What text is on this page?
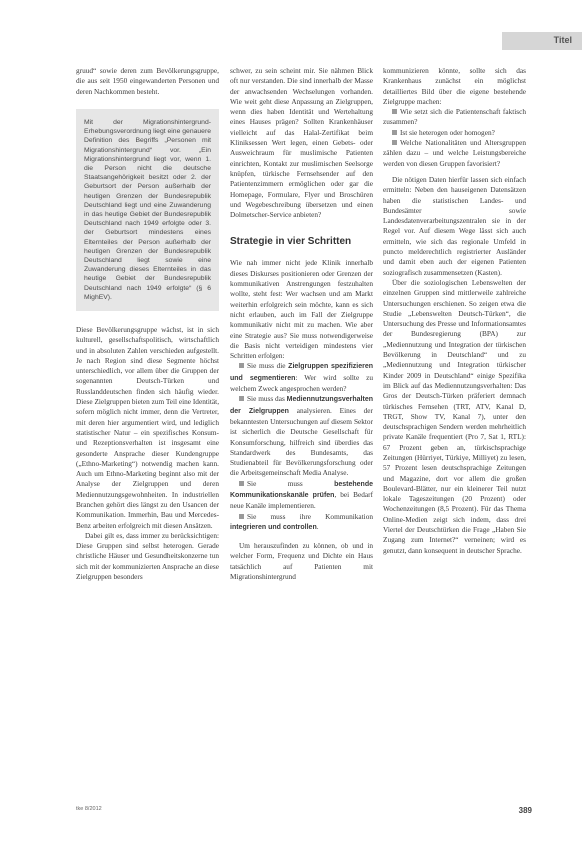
Titel

gruud“ sowie deren zum Bevölkerungsgruppe, die aus seit 1950 eingewanderten Personen und deren Nachkommen besteht.

Mit der Migrationshintergrund-Erhebungsverordnung liegt eine genauere Definition des Begriffs „Personen mit Migrationshintergrund“ vor. „Ein Migrationshintergrund liegt vor, wenn 1. die Person nicht die deutsche Staatsangehörigkeit besitzt oder 2. der Geburtsort der Person außerhalb der heutigen Grenzen der Bundesrepublik Deutschland liegt und eine Zuwanderung in das heutige Gebiet der Bundesrepublik Deutschland nach 1949 erfolgte oder 3. der Geburtsort mindestens eines Elternteiles der Person außerhalb der heutigen Grenzen der Bundesrepublik Deutschland liegt sowie eine Zuwanderung dieses Elternteiles in das heutige Gebiet der Bundesrepublik Deutschland nach 1949 erfolgte“ (§ 6 MighEV).

Diese Bevölkerungsgruppe wächst, ist in sich kulturell, gesellschaftspolitisch, wirtschaftlich und in absoluten Zahlen verschieden aufgestellt. Je nach Region sind diese Segmente höchst unterschiedlich, vor allem über die Gruppen der sogenannten Deutsch-Türken und Russlanddeutschen finden sich häufig wieder. Diese Zielgruppen bieten zum Teil eine Identität, sofern möglich nicht immer, denn die Vertreter, mit deren hier argumentiert wird, und lediglich statistischer Natur – ein spezifisches Konsum- und Rezeptionsverhalten ist insgesamt eine gesonderte Ansprache dieser Kundengruppe („Ethno-Marketing“) notwendig machen kann. Auch um Ethno-Marketing beginnt also mit der Analyse der Zielgruppen und deren Mediennutzungsgewohnheiten. In industriellen Branchen gehört dies längst zu den Usancen der Kommunikation. Immerhin, Bau und Mercedes-Benz arbeiten erfolgreich mit diesen Ansätzen.

Dabei gilt es, dass immer zu berücksichtigen: Diese Gruppen sind selbst heterogen. Gerade christliche Häuser und Gesundheitskonzerne tun sich mit der kommunizierten Ansprache an diese Zielgruppen besonders

schwer, zu sein scheint mir. Sie nähmen Blick oft nur verstanden. Die sind innerhalb der Masse der anwachsenden Wechselungen vorhanden. Wie weit geht diese Anpassung an Zielgruppen, wenn dies haben Identität und Wertehaltung eines Hauses prägen? Sollten Krankenhäuser vielleicht auf das Halal-Zertifikat beim Kliniksessen Wert legen, einen Gebets- oder Ausweichraum für muslimische Patienten einrichten, Kontakt zur muslimischen Seelsorge knüpfen, türkische Fernsehsender auf den Patientenzimmern ermöglichen oder gar die Homepage, Formulare, Flyer und Broschüren und Wegebeschreibung übersetzen und einen Dolmetscher-Service anbieten?

Strategie in vier Schritten

Wie nah immer nicht jede Klinik innerhalb dieses Diskurses positionieren oder Grenzen der kommunikativen Anstrengungen festzuhalten wollte, steht fest: Wer wachsen und am Markt weiterhin erfolgreich sein möchte, kann es sich nicht erlauben, auch im Fall der Zielgruppe kommunikativ nicht mit zu machen. Wie aber eine Strategie aus? Sie muss notwendigerweise die Basis nicht verteidigen mindestens vier Schritten erfolgen:

Sie muss die Zielgruppen spezifizieren und segmentieren: Wer wird sollte zu welchem Zweck angesprochen werden?

Sie muss das Mediennutzungsverhalten der Zielgruppen analysieren. Eines der bekanntesten Untersuchungen auf diesem Sektor ist sicherlich die Deutsche Gesellschaft für Konsumforschung, hilfreich sind überdies das Standardwerk des Bundesamts, das Studienabteil für Bevölkerungsforschung oder die Arbeitsgemeinschaft Media Analyse.

Sie muss bestehende Kommunikationskanäle prüfen, bei Bedarf neue Kanäle implementieren.

Sie muss ihre Kommunikation integrieren und controllen.

Um herauszufinden zu können, ob und in welcher Form, Frequenz und Dichte ein Haus tatsächlich auf Patienten mit Migrationshintergrund

kommunizieren könnte, sollte sich das Krankenhaus zunächst ein möglichst detailliertes Bild über die eigene bestehende Zielgruppe machen:

Wie setzt sich die Patientenschaft faktisch zusammen?

Ist sie heterogen oder homogen?

Welche Nationalitäten und Altersgruppen zählen dazu – und welche Leistungsbereiche werden von diesen Gruppen favorisiert?

Die nötigen Daten hierfür lassen sich einfach ermitteln: Neben den hauseigenen Datensätzen haben die statistischen Landes- und Bundesämter sowie Landesdatenverarbeitungszentralen sie in der Regel vor. Auf diesem Wege lässt sich auch ermitteln, wie sich das regionale Umfeld in puncto melderechtlich registrierter Ausländer und damit eben auch der eigenen Patienten soziografisch zusammensetzen (Kasten).

Über die soziologischen Lebenswelten der einzelnen Gruppen sind mittlerweile zahlreiche Untersuchungen erschienen. So zeigen etwa die Studie „Lebenswelten Deutsch-Türken“, die Untersuchung des Presse und Informationsamtes der Bundesregierung (BPA) zur „Mediennutzung und Integration der türkischen Bevölkerung in Deutschland“ und zu „Mediennutzung und Integration türkischer Kinder 2009 in Deutschland“ einige Spezifika im Blick auf das Mediennutzungsverhalten: Das Gros der Deutsch-Türken präferiert demnach türkisches Fernsehen (TRT, ATV, Kanal D, TRGT, Show TV, Kanal 7), unter den deutschsprachigen Sendern werden mehrheitlich private Kanäle frequentiert (Pro 7, Sat 1, RTL): 67 Prozent geben an, türkischsprachige Zeitungen (Hürriyet, Türkiye, Milliyet) zu lesen, 57 Prozent lesen deutschsprachige Zeitungen und Magazine, dort vor allem die großen Boulevard-Blätter, nur ein kleinerer Teil nutzt lokale Tageszeitungen (20 Prozent) oder Wochenzeitungen (8,5 Prozent). Für das Thema Online-Medien zeigt sich indem, dass drei Viertel der Deutschtürken die Frage „Haben Sie Zugang zum Internet?“ verneinen; wird es genutzt, dann konsequent in deutscher Sprache.

tke 8/2012	389
